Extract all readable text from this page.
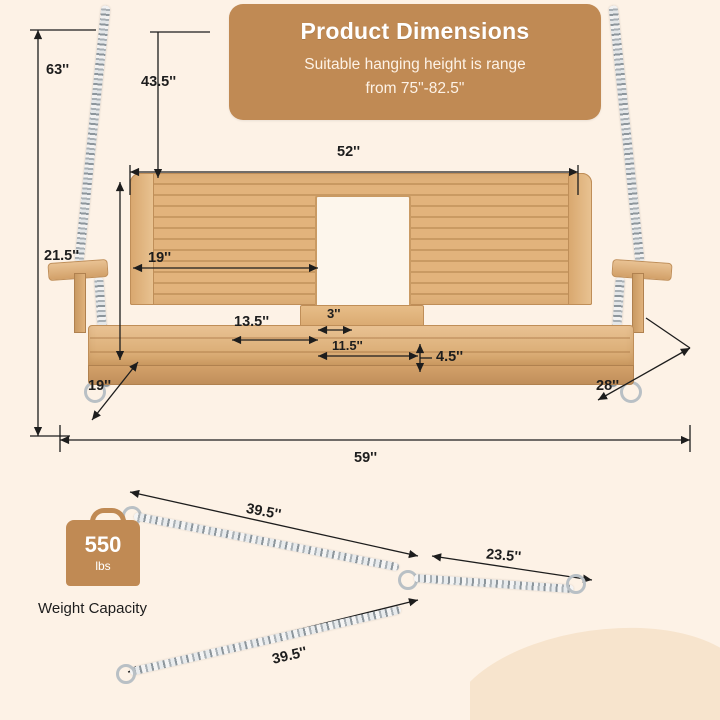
Product Dimensions
Suitable hanging height is range
from 75"-82.5"
63''
43.5''
21.5''	19''
52''
3''
13.5''
11.5''
4.5''
19''	28''
59''
39.5''
23.5''
39.5''
550
lbs
Weight Capacity
